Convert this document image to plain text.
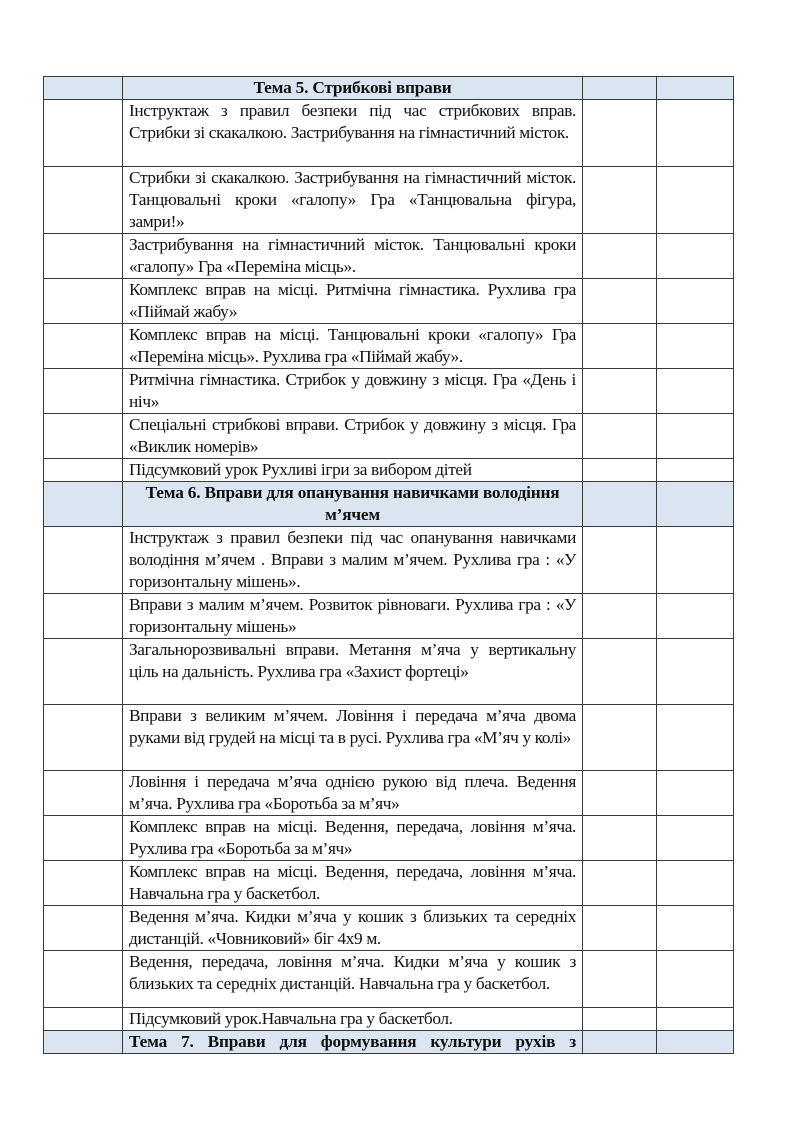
	Тема 5. Стрибкові вправи		
	Інструктаж з правил безпеки під час стрибкових вправ. Стрибки зі скакалкою. Застрибування на гімнастичний місток.		
	Стрибки зі скакалкою. Застрибування на гімнастичний місток. Танцювальні кроки «галопу» Гра «Танцювальна фігура, замри!»		
	Застрибування на гімнастичний місток. Танцювальні кроки «галопу» Гра «Переміна місць».		
	Комплекс вправ на місці. Ритмічна гімнастика. Рухлива гра «Піймай жабу»		
	Комплекс вправ на місці. Танцювальні кроки «галопу» Гра «Переміна місць». Рухлива гра «Піймай жабу».		
	Ритмічна гімнастика. Стрибок у довжину з місця. Гра «День і ніч»		
	Спеціальні стрибкові вправи. Стрибок у довжину з місця. Гра «Виклик номерів»		
	Підсумковий урок Рухливі ігри за вибором дітей		
	Тема 6. Вправи для опанування навичками володіння м’ячем		
	Інструктаж з правил безпеки під час опанування навичками володіння м’ячем . Вправи з малим м’ячем. Рухлива гра : «У горизонтальну мішень».		
	Вправи з малим м’ячем. Розвиток рівноваги. Рухлива гра : «У горизонтальну мішень»		
	Загальнорозвивальні вправи. Метання м’яча у вертикальну ціль на дальність. Рухлива гра «Захист фортеці»		
	Вправи з великим м’ячем. Ловіння і передача м’яча двома руками від грудей на місці та в русі. Рухлива гра «М’яч у колі»		
	Ловіння і передача м’яча однією рукою від плеча. Ведення м’яча. Рухлива гра «Боротьба за м’яч»		
	Комплекс вправ на місці. Ведення, передача, ловіння м’яча. Рухлива гра «Боротьба за м’яч»		
	Комплекс вправ на місці. Ведення, передача, ловіння м’яча. Навчальна гра у баскетбол.		
	Ведення м’яча. Кидки м’яча у кошик з близьких та середніх дистанцій. «Човниковий» біг 4х9 м.		
	Ведення, передача, ловіння м’яча. Кидки м’яча у кошик з близьких та середніх дистанцій. Навчальна гра у баскетбол.		
	Підсумковий урок.Навчальна гра у баскетбол.		
	Тема 7. Вправи для формування культури рухів з		
